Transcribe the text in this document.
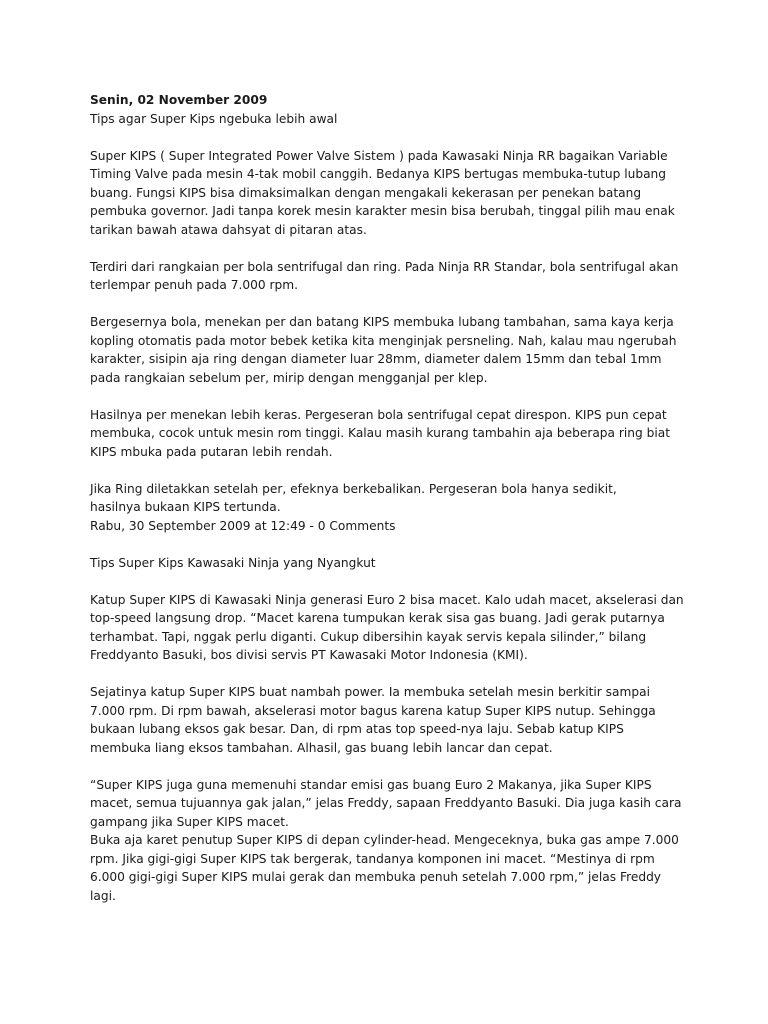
Senin, 02 November 2009
Tips agar Super Kips ngebuka lebih awal
Super KIPS ( Super Integrated Power Valve Sistem ) pada Kawasaki Ninja RR bagaikan Variable
Timing Valve pada mesin 4-tak mobil canggih. Bedanya KIPS bertugas membuka-tutup lubang
buang. Fungsi KIPS bisa dimaksimalkan dengan mengakali kekerasan per penekan batang
pembuka governor. Jadi tanpa korek mesin karakter mesin bisa berubah, tinggal pilih mau enak
tarikan bawah atawa dahsyat di pitaran atas.
Terdiri dari rangkaian per bola sentrifugal dan ring. Pada Ninja RR Standar, bola sentrifugal akan
terlempar penuh pada 7.000 rpm.
Bergesernya bola, menekan per dan batang KIPS membuka lubang tambahan, sama kaya kerja
kopling otomatis pada motor bebek ketika kita menginjak persneling. Nah, kalau mau ngerubah
karakter, sisipin aja ring dengan diameter luar 28mm, diameter dalem 15mm dan tebal 1mm
pada rangkaian sebelum per, mirip dengan mengganjal per klep.
Hasilnya per menekan lebih keras. Pergeseran bola sentrifugal cepat direspon. KIPS pun cepat
membuka, cocok untuk mesin rom tinggi. Kalau masih kurang tambahin aja beberapa ring biat
KIPS mbuka pada putaran lebih rendah.
Jika Ring diletakkan setelah per, efeknya berkebalikan. Pergeseran bola hanya sedikit,
hasilnya bukaan KIPS tertunda.
Rabu, 30 September 2009 at 12:49 - 0 Comments
Tips Super Kips Kawasaki Ninja yang Nyangkut
Katup Super KIPS di Kawasaki Ninja generasi Euro 2 bisa macet. Kalo udah macet, akselerasi dan
top-speed langsung drop. “Macet karena tumpukan kerak sisa gas buang. Jadi gerak putarnya
terhambat. Tapi, nggak perlu diganti. Cukup dibersihin kayak servis kepala silinder,” bilang
Freddyanto Basuki, bos divisi servis PT Kawasaki Motor Indonesia (KMI).
Sejatinya katup Super KIPS buat nambah power. Ia membuka setelah mesin berkitir sampai
7.000 rpm. Di rpm bawah, akselerasi motor bagus karena katup Super KIPS nutup. Sehingga
bukaan lubang eksos gak besar. Dan, di rpm atas top speed-nya laju. Sebab katup KIPS
membuka liang eksos tambahan. Alhasil, gas buang lebih lancar dan cepat.
“Super KIPS juga guna memenuhi standar emisi gas buang Euro 2 Makanya, jika Super KIPS
macet, semua tujuannya gak jalan,” jelas Freddy, sapaan Freddyanto Basuki. Dia juga kasih cara
gampang jika Super KIPS macet.
Buka aja karet penutup Super KIPS di depan cylinder-head. Mengeceknya, buka gas ampe 7.000
rpm. Jika gigi-gigi Super KIPS tak bergerak, tandanya komponen ini macet. “Mestinya di rpm
6.000 gigi-gigi Super KIPS mulai gerak dan membuka penuh setelah 7.000 rpm,” jelas Freddy
lagi.
